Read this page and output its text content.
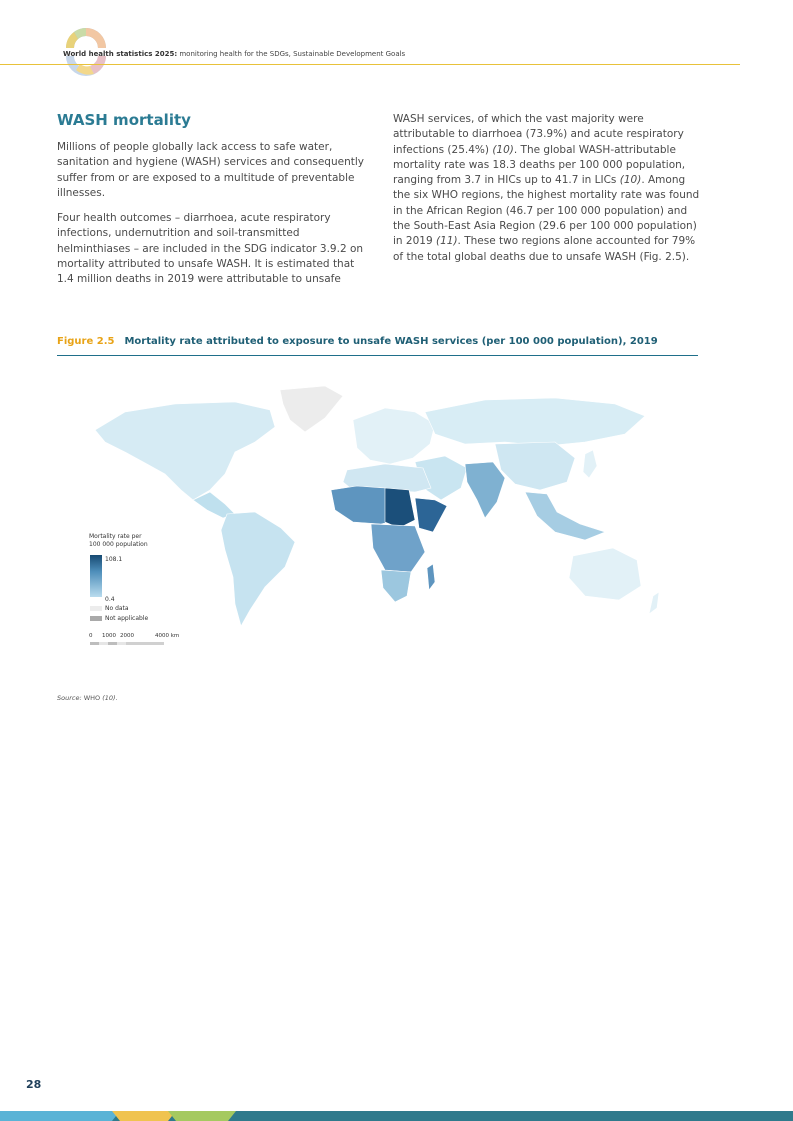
World health statistics 2025: monitoring health for the SDGs, Sustainable Development Goals
WASH mortality

Millions of people globally lack access to safe water, sanitation and hygiene (WASH) services and consequently suffer from or are exposed to a multitude of preventable illnesses.

Four health outcomes – diarrhoea, acute respiratory infections, undernutrition and soil-transmitted helminthiases – are included in the SDG indicator 3.9.2 on mortality attributed to unsafe WASH. It is estimated that 1.4 million deaths in 2019 were attributable to unsafe

WASH services, of which the vast majority were attributable to diarrhoea (73.9%) and acute respiratory infections (25.4%) (10). The global WASH-attributable mortality rate was 18.3 deaths per 100 000 population, ranging from 3.7 in HICs up to 41.7 in LICs (10). Among the six WHO regions, the highest mortality rate was found in the African Region (46.7 per 100 000 population) and the South-East Asia Region (29.6 per 100 000 population) in 2019 (11). These two regions alone accounted for 79% of the total global deaths due to unsafe WASH (Fig. 2.5).

Figure 2.5 Mortality rate attributed to exposure to unsafe WASH services (per 100 000 population), 2019
Mortality rate per
100 000 population
108.1
0.4
No data
Not applicable
0 1000 2000	4000 km
Source: WHO (10).
28
